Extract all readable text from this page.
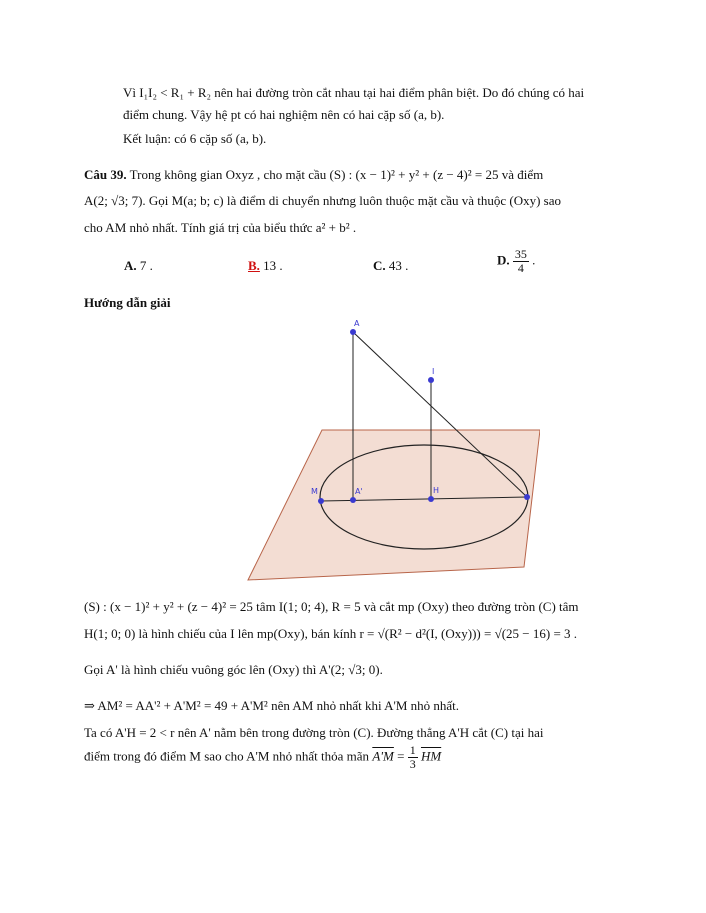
Vì I₁I₂ < R₁ + R₂ nên hai đường tròn cắt nhau tại hai điểm phân biệt. Do đó chúng có hai
điểm chung. Vậy hệ pt có hai nghiệm nên có hai cặp số (a, b).
Kết luận: có 6 cặp số (a, b).
Câu 39. Trong không gian Oxyz , cho mặt cầu (S) : (x − 1)² + y² + (z − 4)² = 25 và điểm
A(2; √3; 7). Gọi M(a; b; c) là điểm di chuyển nhưng luôn thuộc mặt cầu và thuộc (Oxy) sao
cho AM nhỏ nhất. Tính giá trị của biểu thức a² + b² .
A. 7 .	B. 13 .	C. 43 .	D. $\frac{35}{4}$ .
Hướng dẫn giải
A
I
M	A'	H
(S) : (x − 1)² + y² + (z − 4)² = 25 tâm I(1; 0; 4), R = 5 và cắt mp (Oxy) theo đường tròn (C) tâm
H(1; 0; 0) là hình chiếu của I lên mp(Oxy), bán kính r = √(R² − d²(I, (Oxy))) = √(25 − 16) = 3 .
Gọi A' là hình chiếu vuông góc lên (Oxy) thì A'(2; √3; 0).
⇒ AM² = AA'² + A'M² = 49 + A'M² nên AM nhỏ nhất khi A'M nhỏ nhất.
Ta có A'H = 2 < r nên A' nằm bên trong đường tròn (C). Đường thẳng A'H cắt (C) tại hai
điểm trong đó điểm M sao cho A'M nhỏ nhất thỏa mãn $A'M = \frac{1}{3} \overline{HM}$
